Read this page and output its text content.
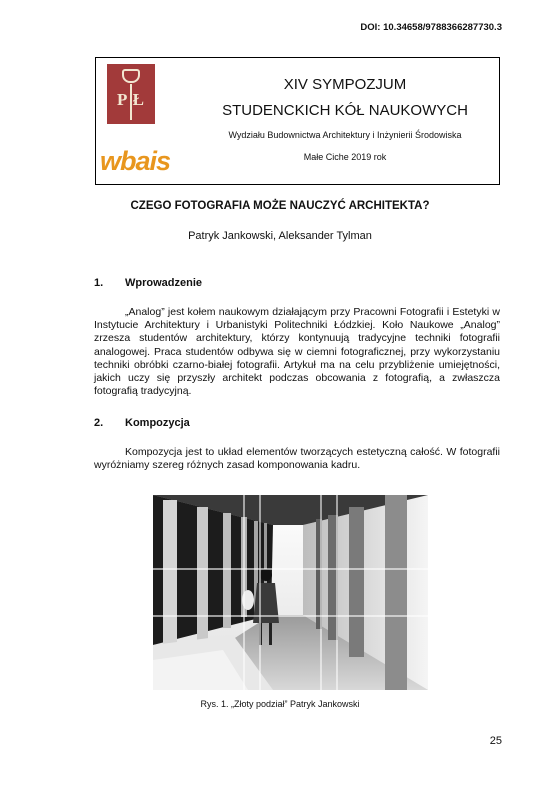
DOI: 10.34658/9788366287730.3
P Ł
wbais
XIV SYMPOZJUM
STUDENCKICH KÓŁ NAUKOWYCH
Wydziału Budownictwa Architektury i Inżynierii Środowiska
Małe Ciche 2019 rok
CZEGO FOTOGRAFIA MOŻE NAUCZYĆ ARCHITEKTA?
Patryk Jankowski, Aleksander Tylman
1. Wprowadzenie

„Analog” jest kołem naukowym działającym przy Pracowni Fotografii i Estetyki w Instytucie Architektury i Urbanistyki Politechniki Łódzkiej. Koło Naukowe „Analog” zrzesza studentów architektury, którzy kontynuują tradycyjne techniki fotografii analogowej. Praca studentów odbywa się w ciemni fotograficznej, przy wykorzystaniu techniki obróbki czarno-białej fotografii. Artykuł ma na celu przybliżenie umiejętności, jakich uczy się przyszły architekt podczas obcowania z fotografią, a zwłaszcza fotografią tradycyjną.

2. Kompozycja

Kompozycja jest to układ elementów tworzących estetyczną całość. W fotografii wyróżniamy szereg różnych zasad komponowania kadru.

Rys. 1. „Złoty podział” Patryk Jankowski
25
